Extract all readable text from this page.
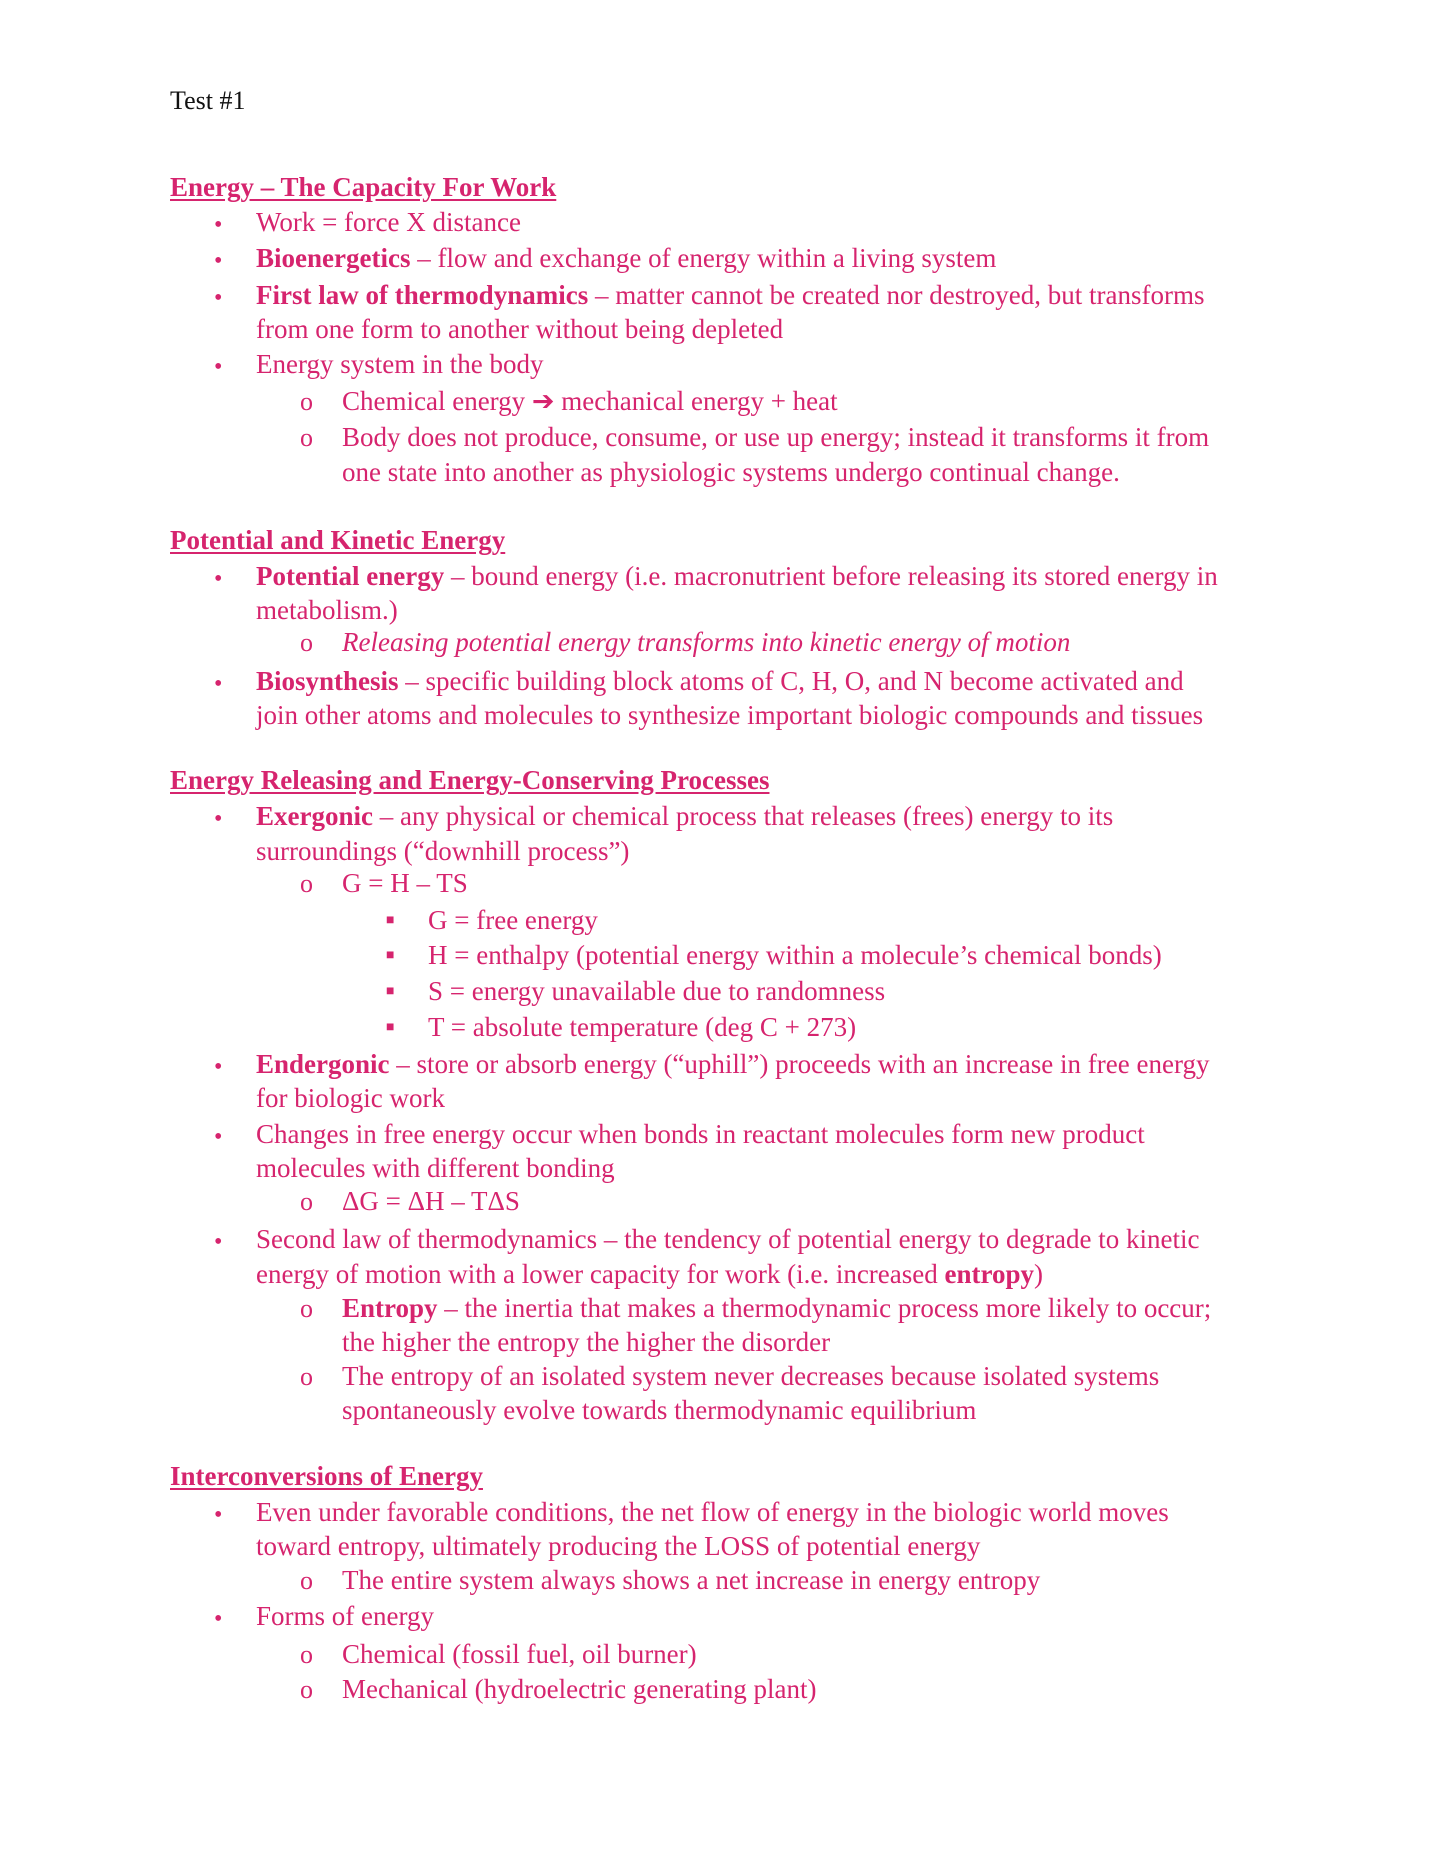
Test #1
Energy – The Capacity For Work
• Work = force X distance
• Bioenergetics – flow and exchange of energy within a living system
• First law of thermodynamics – matter cannot be created nor destroyed, but transforms
from one form to another without being depleted
• Energy system in the body
o Chemical energy ➔ mechanical energy + heat
o Body does not produce, consume, or use up energy; instead it transforms it from
one state into another as physiologic systems undergo continual change.
Potential and Kinetic Energy
• Potential energy – bound energy (i.e. macronutrient before releasing its stored energy in
metabolism.)
o Releasing potential energy transforms into kinetic energy of motion
• Biosynthesis – specific building block atoms of C, H, O, and N become activated and
join other atoms and molecules to synthesize important biologic compounds and tissues
Energy Releasing and Energy-Conserving Processes
• Exergonic – any physical or chemical process that releases (frees) energy to its
surroundings (“downhill process”)
o G = H – TS
■ G = free energy
■ H = enthalpy (potential energy within a molecule’s chemical bonds)
■ S = energy unavailable due to randomness
■ T = absolute temperature (deg C + 273)
• Endergonic – store or absorb energy (“uphill”) proceeds with an increase in free energy
for biologic work
• Changes in free energy occur when bonds in reactant molecules form new product
molecules with different bonding
o ΔG = ΔH – TΔS
• Second law of thermodynamics – the tendency of potential energy to degrade to kinetic
energy of motion with a lower capacity for work (i.e. increased entropy)
o Entropy – the inertia that makes a thermodynamic process more likely to occur;
the higher the entropy the higher the disorder
o The entropy of an isolated system never decreases because isolated systems
spontaneously evolve towards thermodynamic equilibrium
Interconversions of Energy
• Even under favorable conditions, the net flow of energy in the biologic world moves
toward entropy, ultimately producing the LOSS of potential energy
o The entire system always shows a net increase in energy entropy
• Forms of energy
o Chemical (fossil fuel, oil burner)
o Mechanical (hydroelectric generating plant)
